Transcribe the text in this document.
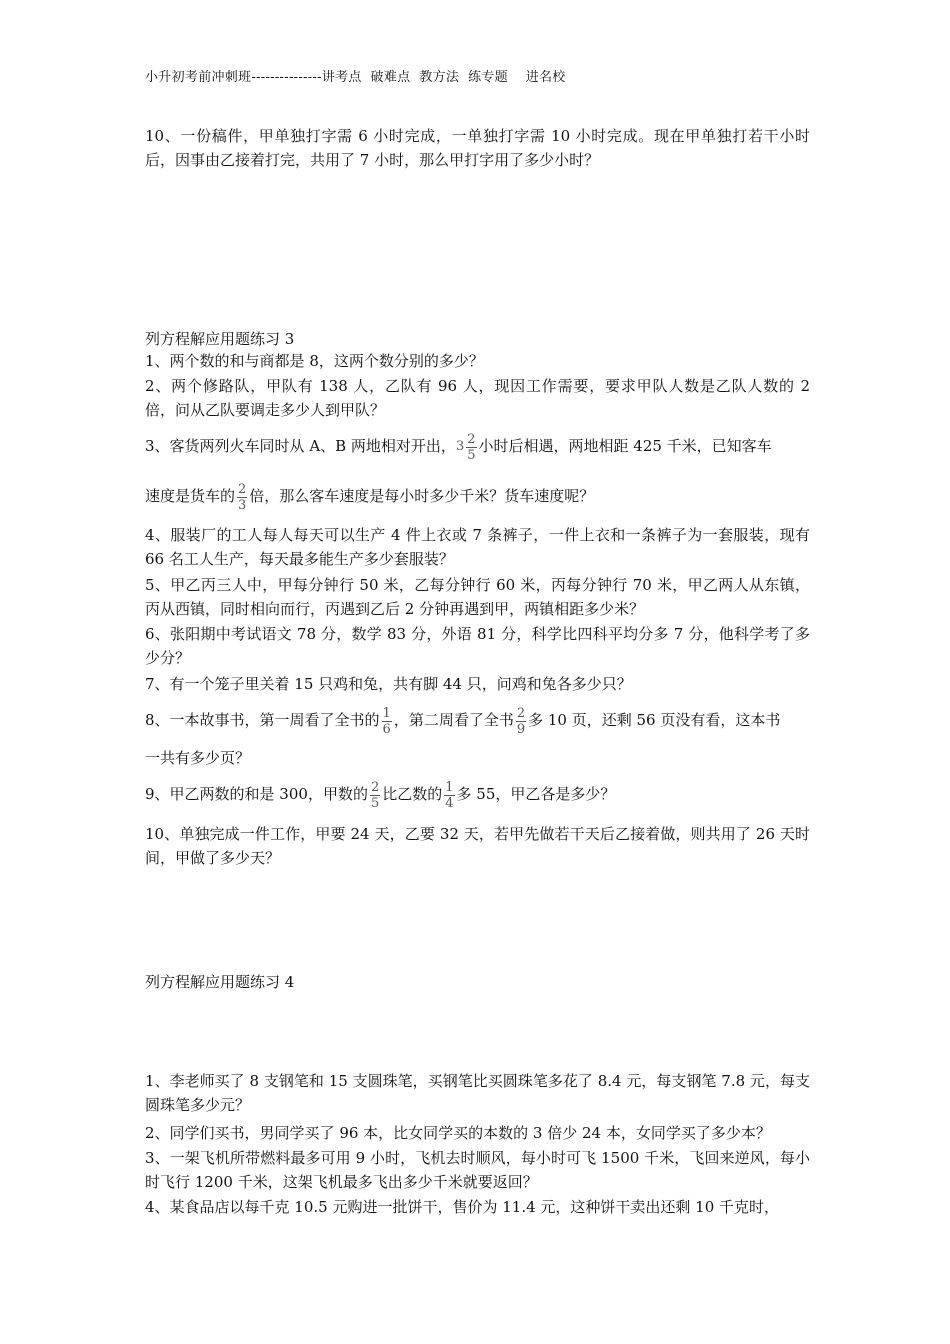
小升初考前冲刺班---------------讲考点  破难点  教方法  练专题    进名校
10、一份稿件，甲单独打字需 6 小时完成，一单独打字需 10 小时完成。现在甲单独打若干小时后，因事由乙接着打完，共用了 7 小时，那么甲打字用了多少小时？
列方程解应用题练习 3
1、两个数的和与商都是 8，这两个数分别的多少？
2、两个修路队，甲队有 138 人，乙队有 96 人，现因工作需要，要求甲队人数是乙队人数的 2 倍，问从乙队要调走多少人到甲队？
3、客货两列火车同时从 A、B 两地相对开出，$3 \frac{2}{5}$ 小时后相遇，两地相距 425 千米，已知客车
速度是货车的 $\frac{2}{3}$ 倍，那么客车速度是每小时多少千米？货车速度呢？
4、服装厂的工人每人每天可以生产 4 件上衣或 7 条裤子，一件上衣和一条裤子为一套服装，现有 66 名工人生产，每天最多能生产多少套服装？
5、甲乙丙三人中，甲每分钟行 50 米，乙每分钟行 60 米，丙每分钟行 70 米，甲乙两人从东镇，丙从西镇，同时相向而行，丙遇到乙后 2 分钟再遇到甲，两镇相距多少米？
6、张阳期中考试语文 78 分，数学 83 分，外语 81 分，科学比四科平均分多 7 分，他科学考了多少分？
7、有一个笼子里关着 15 只鸡和兔，共有脚 44 只，问鸡和兔各多少只？
8、一本故事书，第一周看了全书的 $\frac{1}{6}$ ，第二周看了全书 $\frac{2}{9}$ 多 10 页，还剩 56 页没有看，这本书
一共有多少页？
9、甲乙两数的和是 300，甲数的 $\frac{2}{5}$ 比乙数的 $\frac{1}{4}$ 多 55，甲乙各是多少？
10、单独完成一件工作，甲要 24 天，乙要 32 天，若甲先做若干天后乙接着做，则共用了 26 天时间，甲做了多少天？
列方程解应用题练习 4
1、李老师买了 8 支钢笔和 15 支圆珠笔，买钢笔比买圆珠笔多花了 8.4 元，每支钢笔 7.8 元，每支圆珠笔多少元？
2、同学们买书，男同学买了 96 本，比女同学买的本数的 3 倍少 24 本，女同学买了多少本？
3、一架飞机所带燃料最多可用 9 小时，飞机去时顺风，每小时可飞 1500 千米，飞回来逆风，每小时飞行 1200 千米，这架飞机最多飞出多少千米就要返回？
4、某食品店以每千克 10.5 元购进一批饼干，售价为 11.4 元，这种饼干卖出还剩 10 千克时，
